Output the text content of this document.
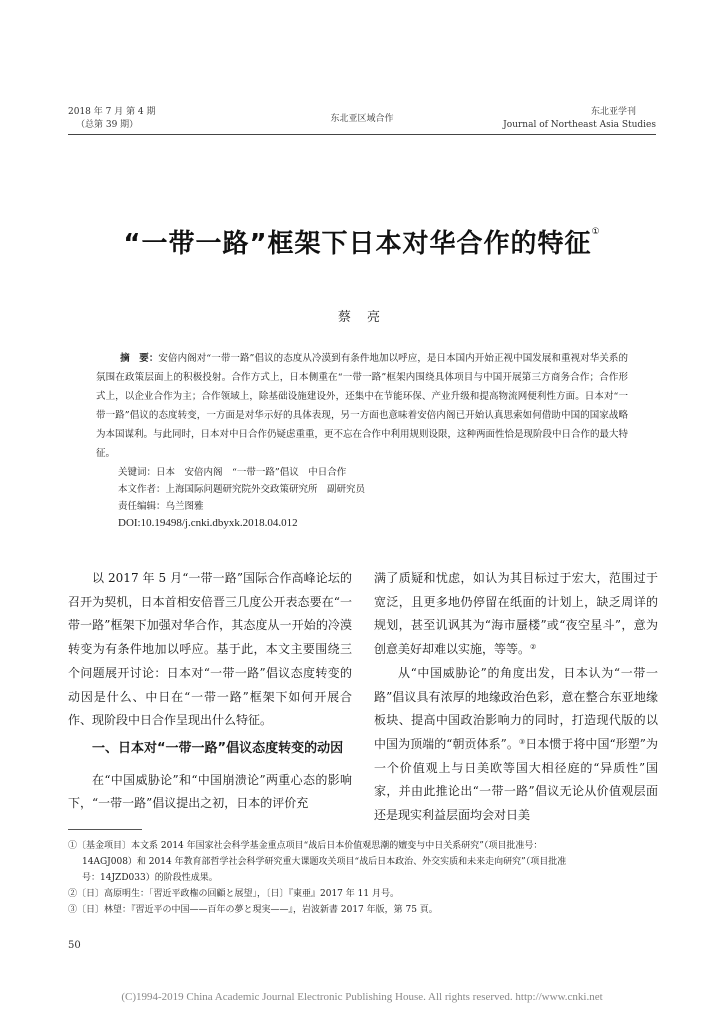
2018 年 7 月 第 4 期
（总第 39 期）
东北亚区域合作
东北亚学刊
Journal of Northeast Asia Studies
“一带一路”框架下日本对华合作的特征①
蔡 亮
摘　要：安倍内阁对“一带一路”倡议的态度从冷漠到有条件地加以呼应，是日本国内开始正视中国发展和重视对华关系的氛围在政策层面上的积极投射。合作方式上，日本侧重在“一带一路”框架内围绕具体项目与中国开展第三方商务合作；合作形式上，以企业合作为主；合作领域上，除基础设施建设外，还集中在节能环保、产业升级和提高物流网便利性方面。日本对“一带一路”倡议的态度转变，一方面是对华示好的具体表现，另一方面也意味着安倍内阁已开始认真思索如何借助中国的国家战略为本国谋利。与此同时，日本对中日合作仍疑虑重重，更不忘在合作中利用规则设限，这种两面性恰是现阶段中日合作的最大特征。
关键词：日本　安倍内阁　“一带一路”倡议　中日合作
本文作者：上海国际问题研究院外交政策研究所　副研究员
责任编辑：乌兰图雅
DOI:10.19498/j.cnki.dbyxk.2018.04.012

以 2017 年 5 月“一带一路”国际合作高峰论坛的召开为契机，日本首相安倍晋三几度公开表态要在“一带一路”框架下加强对华合作，其态度从一开始的冷漠转变为有条件地加以呼应。基于此，本文主要围绕三个问题展开讨论：日本对“一带一路”倡议态度转变的动因是什么、中日在“一带一路”框架下如何开展合作、现阶段中日合作呈现出什么特征。

一、日本对“一带一路”倡议态度转变的动因

在“中国威胁论”和“中国崩溃论”两重心态的影响下，“一带一路”倡议提出之初，日本的评价充

满了质疑和忧虑，如认为其目标过于宏大，范围过于宽泛，且更多地仍停留在纸面的计划上，缺乏周详的规划，甚至讥讽其为“海市蜃楼”或“夜空星斗”，意为创意美好却难以实施，等等。②

从“中国威胁论”的角度出发，日本认为“一带一路”倡议具有浓厚的地缘政治色彩，意在整合东亚地缘板块、提高中国政治影响力的同时，打造现代版的以中国为顶端的“朝贡体系”。③日本惯于将中国“形塑”为一个价值观上与日美欧等国大相径庭的“异质性”国家，并由此推论出“一带一路”倡议无论从价值观层面还是现实利益层面均会对日美

①〔基金项目〕本文系 2014 年国家社会科学基金重点项目“战后日本价值观思潮的嬗变与中日关系研究”（项目批准号：
14AGJ008）和 2014 年教育部哲学社会科学研究重大课题攻关项目“战后日本政治、外交实质和未来走向研究”（项目批准
号：14JZD033）的阶段性成果。
②〔日〕高原明生：「習近平政権の回顧と展望」，〔日〕『東亜』2017 年 11 月号。
③〔日〕林望：『習近平の中国——百年の夢と現実——』，岩波新書 2017 年版，第 75 頁。
50
(C)1994-2019 China Academic Journal Electronic Publishing House. All rights reserved. http://www.cnki.net
